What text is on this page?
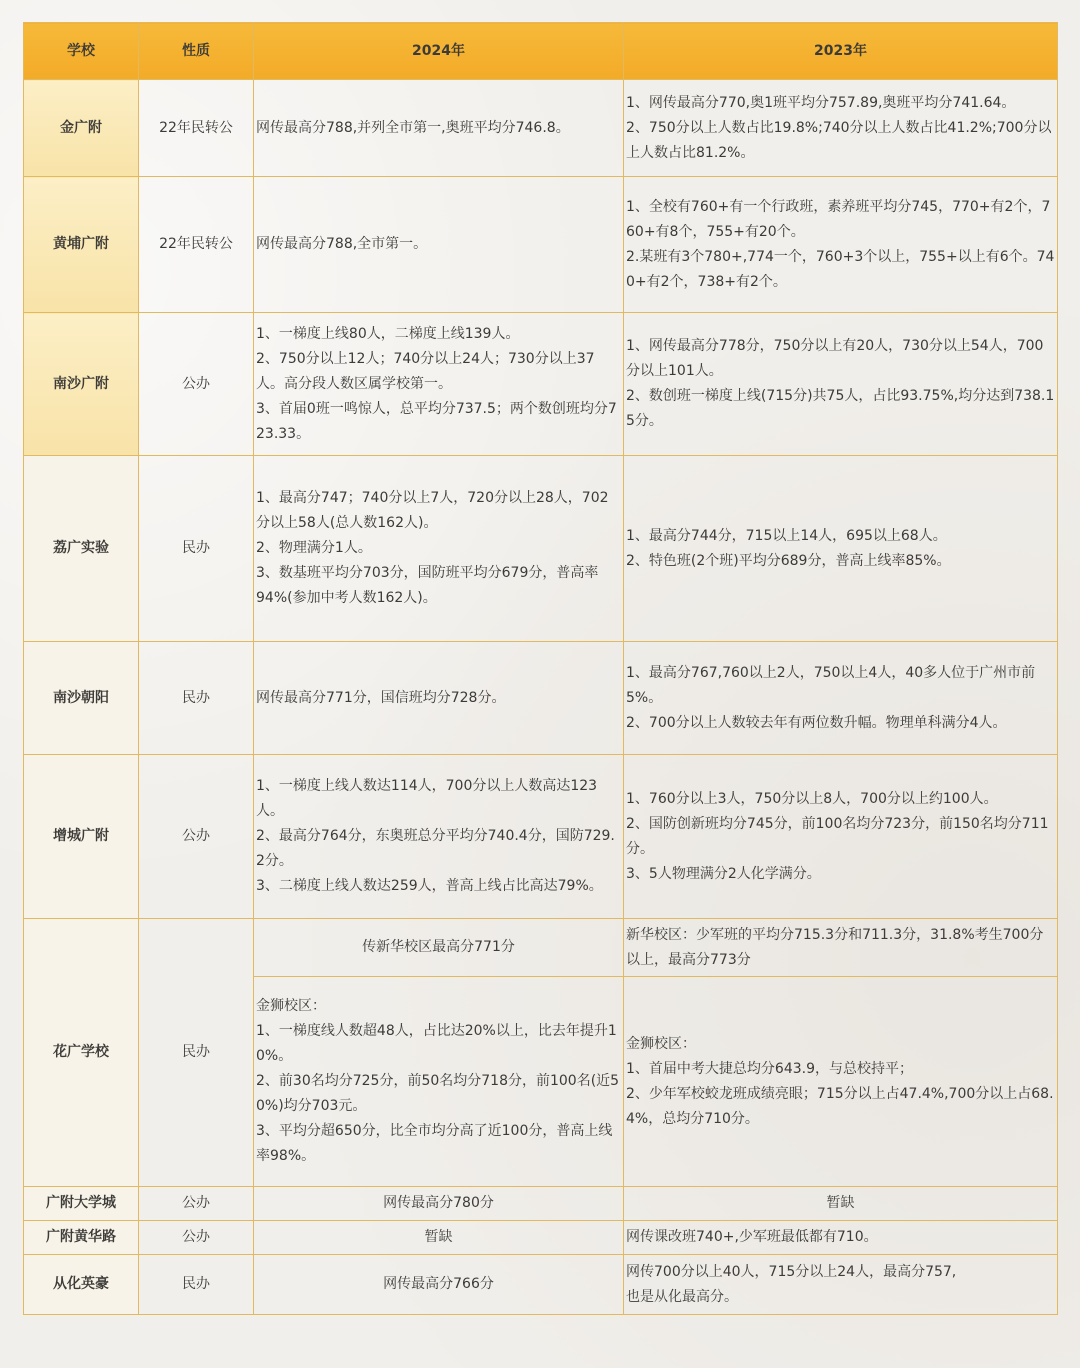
学校	性质	2024年	2023年
金广附	22年民转公	网传最高分788,并列全市第一,奥班平均分746.8。	1、网传最高分770,奥1班平均分757.89,奥班平均分741.64。
2、750分以上人数占比19.8%;740分以上人数占比41.2%;700分以上人数占比81.2%。
黄埔广附	22年民转公	网传最高分788,全市第一。	1、全校有760+有一个行政班，素养班平均分745，770+有2个，760+有8个，755+有20个。
2.某班有3个780+,774一个，760+3个以上，755+以上有6个。740+有2个，738+有2个。
南沙广附	公办	1、一梯度上线80人，二梯度上线139人。
2、750分以上12人；740分以上24人；730分以上37人。高分段人数区属学校第一。
3、首届0班一鸣惊人，总平均分737.5；两个数创班均分723.33。	1、网传最高分778分，750分以上有20人，730分以上54人，700分以上101人。
2、数创班一梯度上线(715分)共75人，占比93.75%,均分达到738.15分。
荔广实验	民办	1、最高分747；740分以上7人，720分以上28人，702
分以上58人(总人数162人)。
2、物理满分1人。
3、数基班平均分703分，国防班平均分679分，普高率
94%(参加中考人数162人)。	1、最高分744分，715以上14人，695以上68人。
2、特色班(2个班)平均分689分，普高上线率85%。
南沙朝阳	民办	网传最高分771分，国信班均分728分。	1、最高分767,760以上2人，750以上4人，40多人位于广州市前5%。
2、700分以上人数较去年有两位数升幅。物理单科满分4人。
增城广附	公办	1、一梯度上线人数达114人，700分以上人数高达123人。
2、最高分764分，东奥班总分平均分740.4分，国防729.2分。
3、二梯度上线人数达259人，普高上线占比高达79%。	1、760分以上3人，750分以上8人，700分以上约100人。
2、国防创新班均分745分，前100名均分723分，前150名均分711分。
3、5人物理满分2人化学满分。
花广学校	民办	传新华校区最高分771分	新华校区：少军班的平均分715.3分和711.3分，31.8%考生700分以上，最高分773分
		金狮校区：
1、一梯度线人数超48人，占比达20%以上，比去年提升10%。
2、前30名均分725分，前50名均分718分，前100名(近50%)均分703元。
3、平均分超650分，比全市均分高了近100分，普高上线率98%。	金狮校区：
1、首届中考大捷总均分643.9，与总校持平；
2、少年军校蛟龙班成绩亮眼；715分以上占47.4%,700分以上占68.4%，总均分710分。
广附大学城	公办	网传最高分780分	暂缺
广附黄华路	公办	暂缺	网传课改班740+,少军班最低都有710。
从化英豪	民办	网传最高分766分	网传700分以上40人，715分以上24人，最高分757,
也是从化最高分。
